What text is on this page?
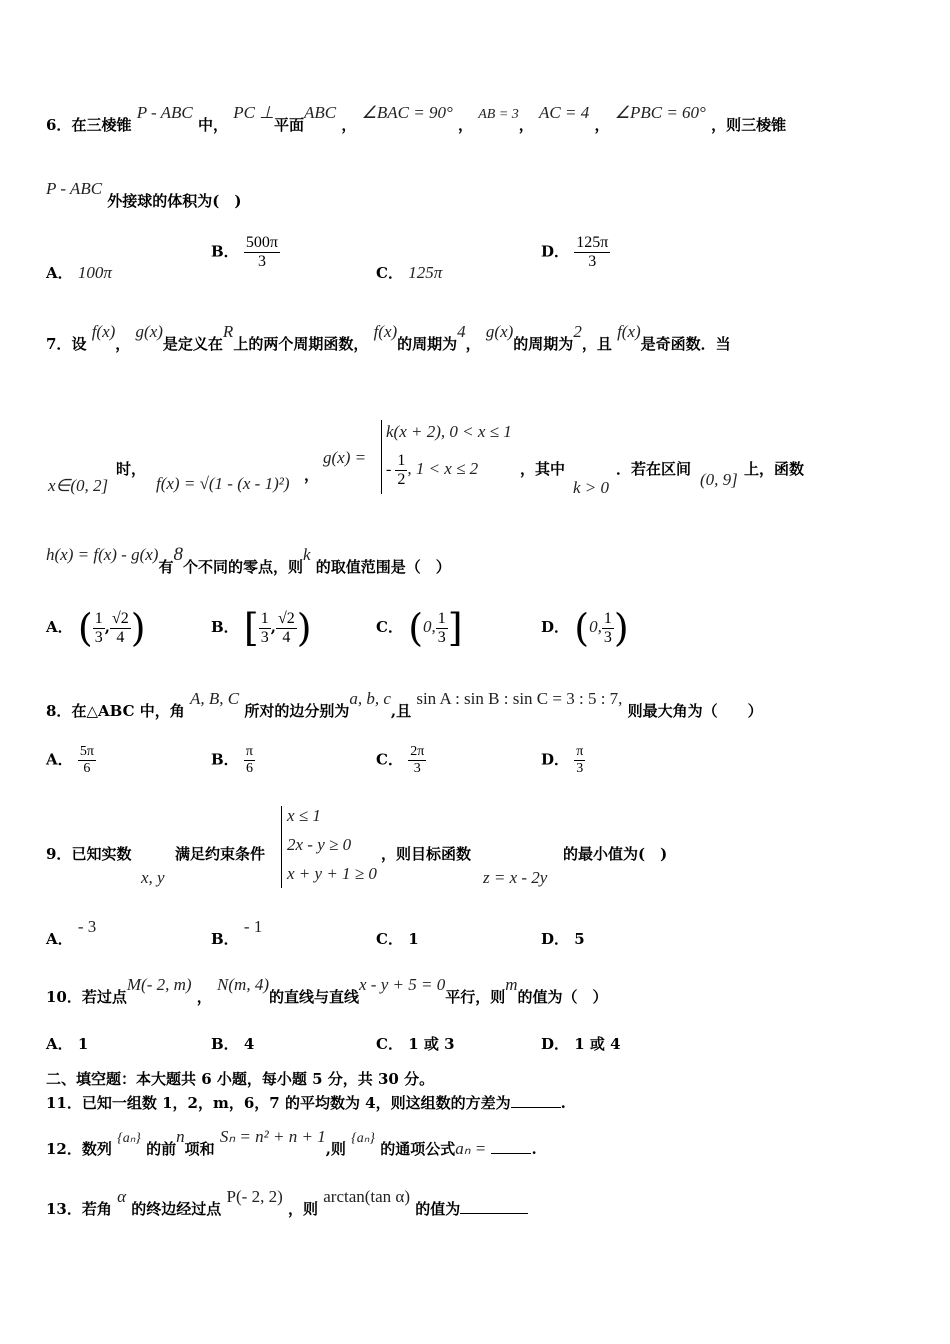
6．在三棱锥 P - ABC 中， PC ⊥平面ABC ， ∠BAC = 90° ， AB = 3， AC = 4 ， ∠PBC = 60° ，则三棱锥
P - ABC 外接球的体积为(　)
A． 100π
B． $\frac{500\pi}{3}$
C． 125π
D． $\frac{125\pi}{3}$
7．设 f(x)， g(x)是定义在R上的两个周期函数， f(x)的周期为4， g(x)的周期为2，且 f(x)是奇函数．当
x∈(0, 2]
时，
f(x) = √(1 - (x - 1)²) ，
g(x) =
k(x + 2), 0 < x ≤ 1
- $\frac{1}{2}$ , 1 < x ≤ 2	，其中
k > 0
．若在区间
(0, 9]
上，函数
h(x) = f(x) - g(x)有8个不同的零点，则k 的取值范围是（　）
A． ( $\frac{1}{3}$ , $\frac{√2}{4}$ )	B． [ $\frac{1}{3}$ , $\frac{√2}{4}$ )	C． (0, $\frac{1}{3}$ ]	D． (0, $\frac{1}{3}$ )
8．在△ABC 中，角 A, B, C 所对的边分别为a, b, c,且 sin A : sin B : sin C = 3 : 5 : 7, 则最大角为（　　）
A． $\frac{5\pi}{6}$	B． $\frac{\pi}{6}$	C． $\frac{2\pi}{3}$	D． $\frac{\pi}{3}$
9．已知实数
x, y
满足约束条件
x ≤ 1
2x - y ≥ 0
x + y + 1 ≥ 0
，则目标函数
z = x - 2y
的最小值为(　)
A． - 3
B． - 1
C． 1	D． 5
10．若过点M(- 2, m) ， N(m, 4)的直线与直线x - y + 5 = 0平行，则m的值为（　）
A． 1	B． 4	C． 1 或 3	D． 1 或 4
二、填空题：本大题共 6 小题，每小题 5 分，共 30 分。
11．已知一组数 1，2，m，6，7 的平均数为 4，则这组数的方差为	.
12．数列 {aₙ} 的前n项和 Sₙ = n² + n + 1,则 {aₙ} 的通项公式aₙ =	.
13．若角 α 的终边经过点 P(- 2, 2) ，则 arctan(tan α) 的值为
